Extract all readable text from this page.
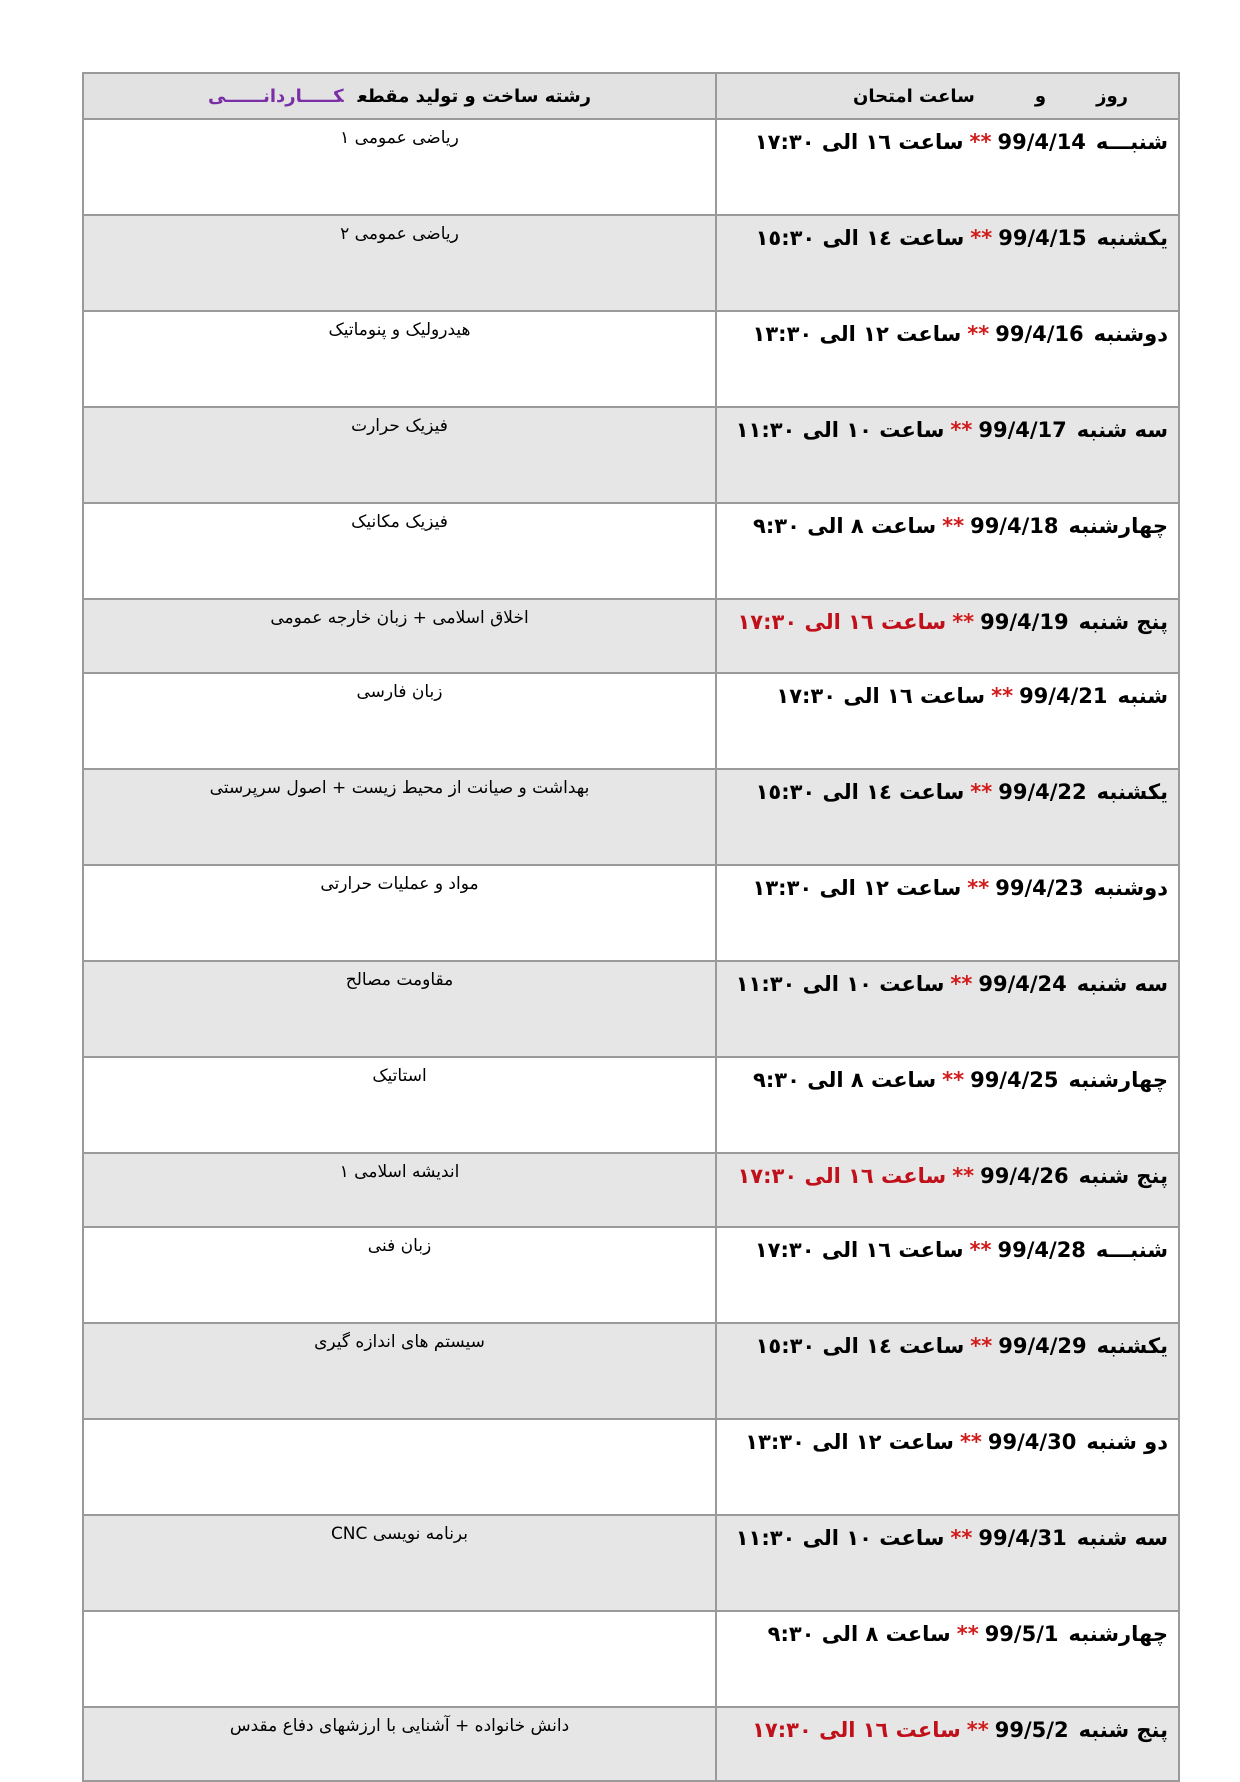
روزوساعت امتحان	رشته ساخت و تولید مقطعکـــــاردانــــــی
شنبـــه99/4/14**ساعت ١٦ الی ١٧:٣٠	ریاضی عمومی ١
یکشنبه99/4/15**ساعت ١٤ الی ١٥:٣٠	ریاضی عمومی ٢
دوشنبه99/4/16**ساعت ١٢ الی ١٣:٣٠	هیدرولیک و پنوماتیک
سه شنبه99/4/17**ساعت ١٠ الی ١١:٣٠	فیزیک حرارت
چهارشنبه99/4/18**ساعت ٨ الی ٩:٣٠	فیزیک مکانیک
پنج شنبه99/4/19**ساعت ١٦ الی ١٧:٣٠	اخلاق اسلامی + زبان خارجه عمومی
شنبه99/4/21**ساعت ١٦ الی ١٧:٣٠	زبان فارسی
یکشنبه99/4/22**ساعت ١٤ الی ١٥:٣٠	بهداشت و صیانت از محیط زیست + اصول سرپرستی
دوشنبه99/4/23**ساعت ١٢ الی ١٣:٣٠	مواد و عملیات حرارتی
سه شنبه99/4/24**ساعت ١٠ الی ١١:٣٠	مقاومت مصالح
چهارشنبه99/4/25**ساعت ٨ الی ٩:٣٠	استاتیک
پنج شنبه99/4/26**ساعت ١٦ الی ١٧:٣٠	اندیشه اسلامی ١
شنبـــه99/4/28**ساعت ١٦ الی ١٧:٣٠	زبان فنی
یکشنبه99/4/29**ساعت ١٤ الی ١٥:٣٠	سیستم های اندازه گیری
دو شنبه99/4/30**ساعت ١٢ الی ١٣:٣٠	
سه شنبه99/4/31**ساعت ١٠ الی ١١:٣٠	برنامه نویسی CNC
چهارشنبه99/5/1**ساعت ٨ الی ٩:٣٠	
پنج شنبه99/5/2**ساعت ١٦ الی ١٧:٣٠	دانش خانواده + آشنایی با ارزشهای دفاع مقدس
